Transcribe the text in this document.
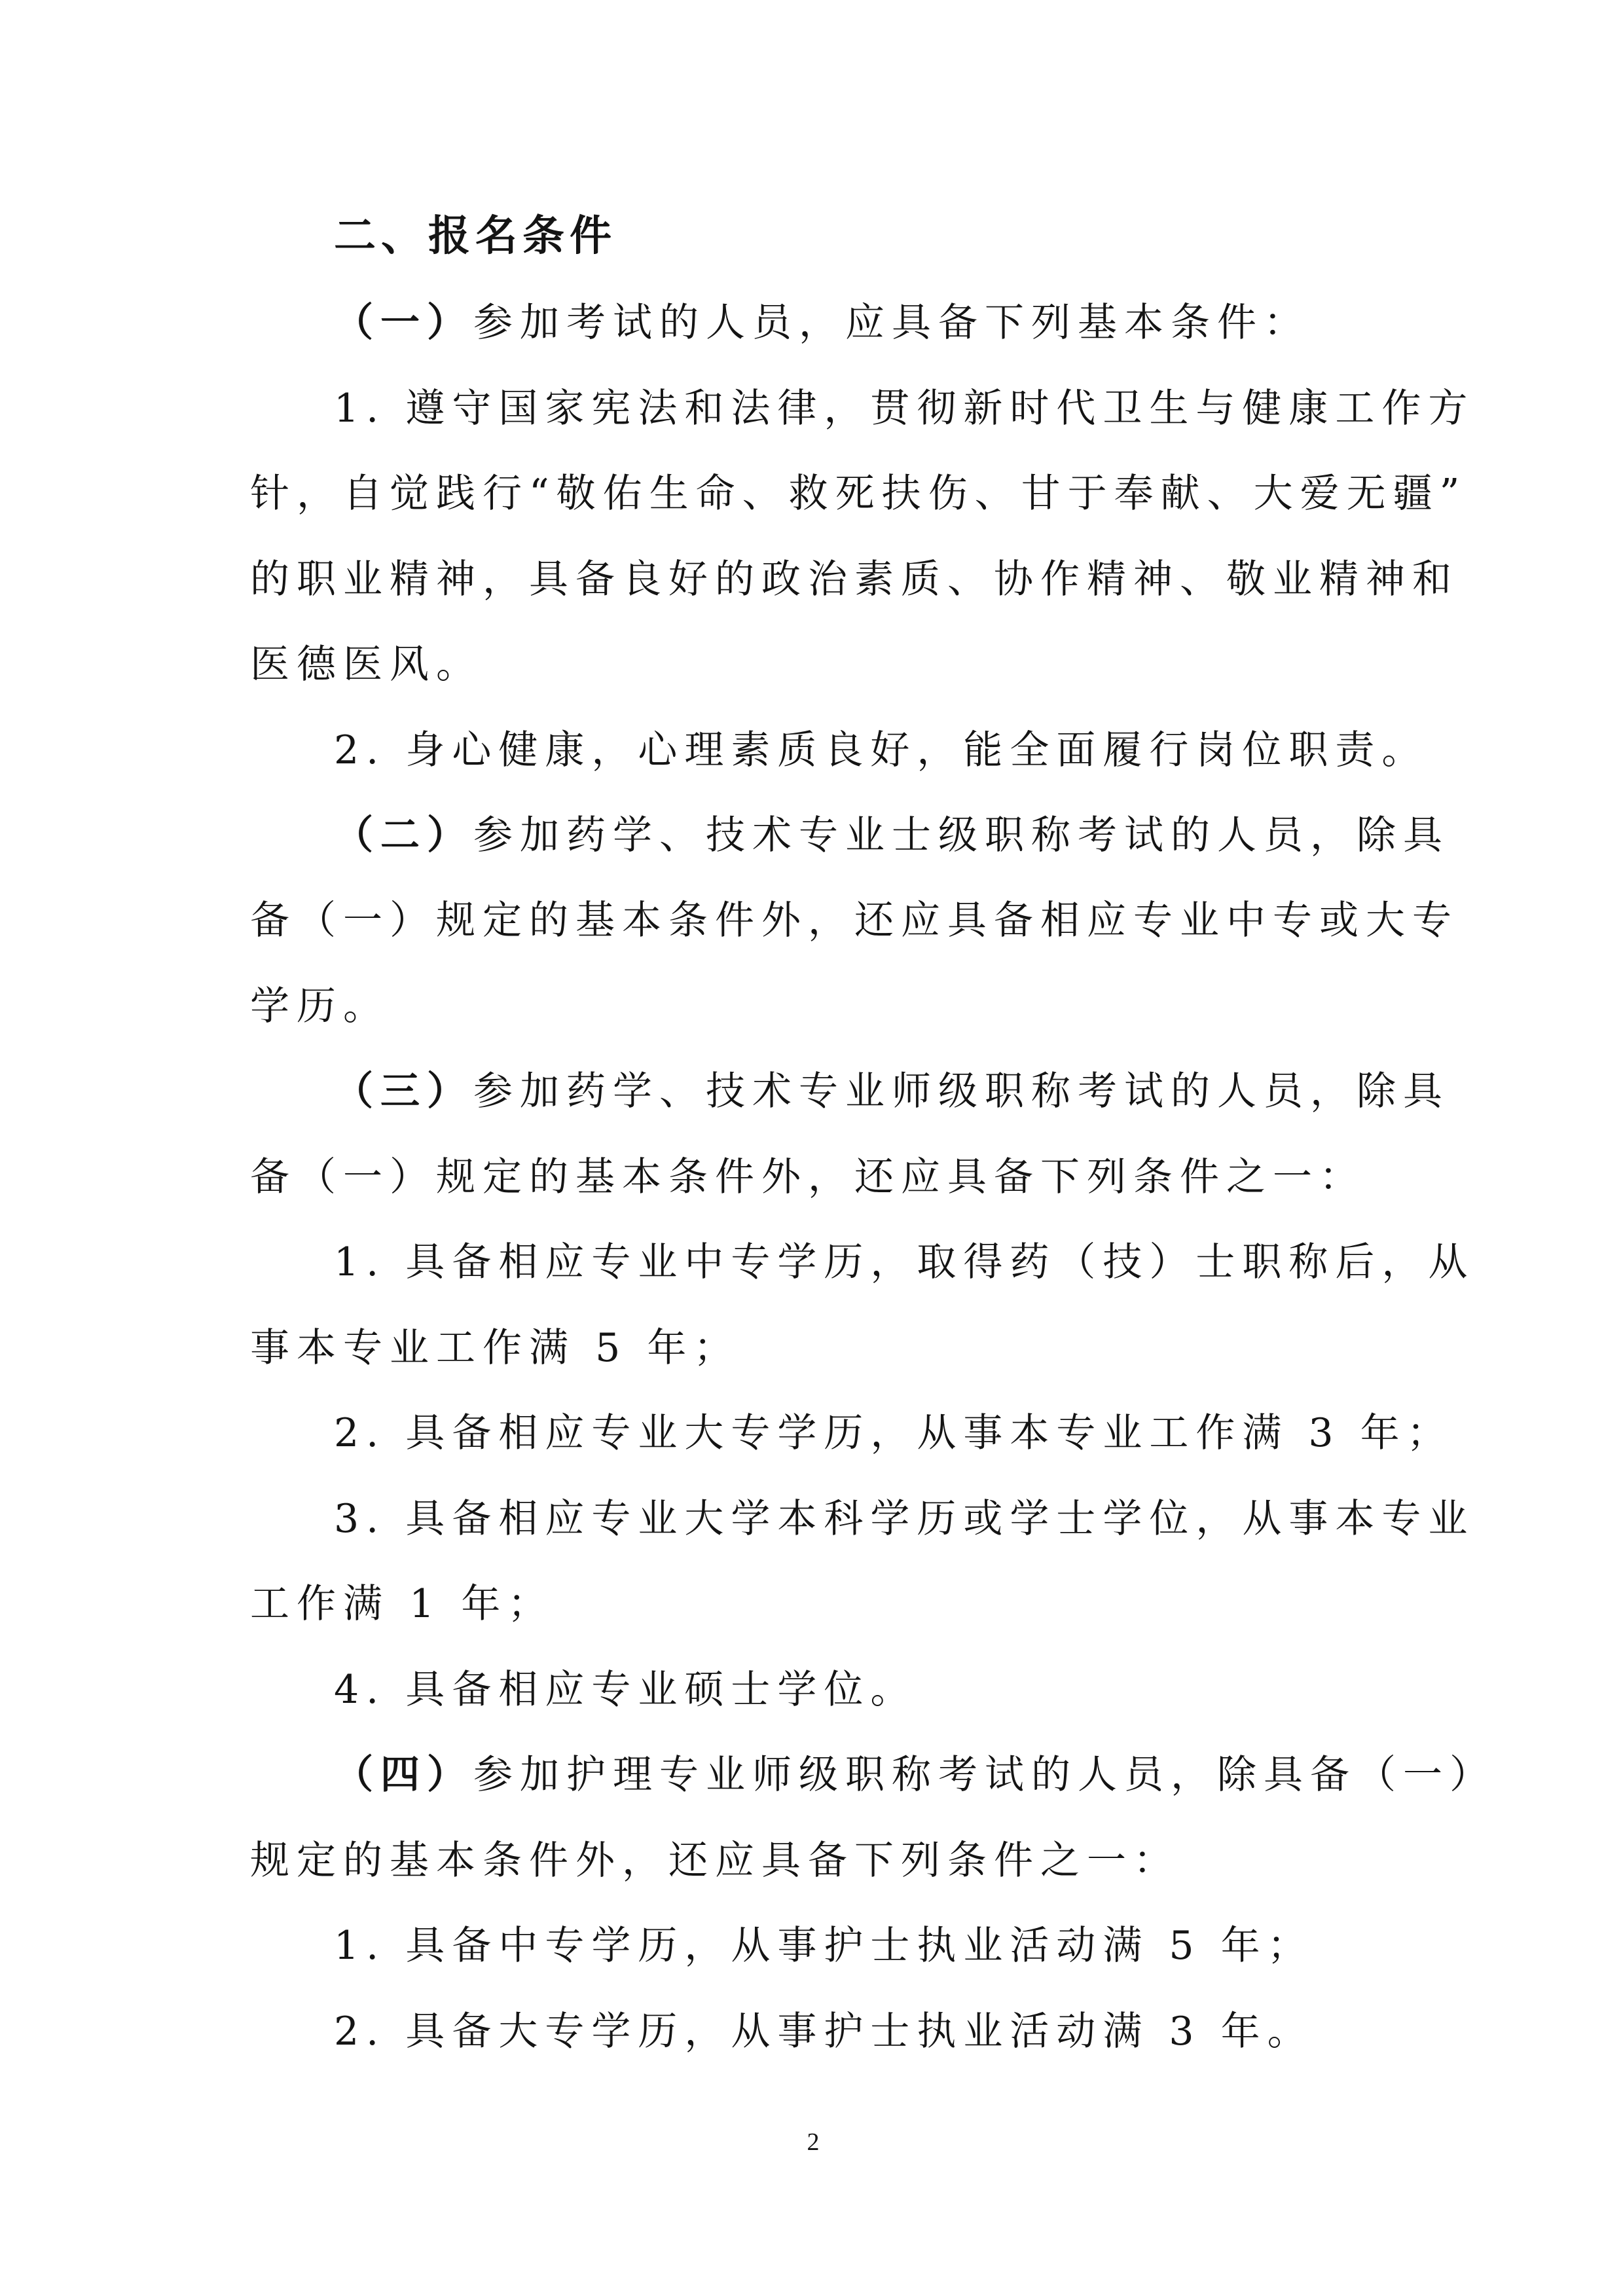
二、报名条件

（一）参加考试的人员，应具备下列基本条件：

1. 遵守国家宪法和法律，贯彻新时代卫生与健康工作方

针，自觉践行“敬佑生命、救死扶伤、甘于奉献、大爱无疆”

的职业精神，具备良好的政治素质、协作精神、敬业精神和

医德医风。

2. 身心健康，心理素质良好，能全面履行岗位职责。

（二）参加药学、技术专业士级职称考试的人员，除具

备（一）规定的基本条件外，还应具备相应专业中专或大专

学历。

（三）参加药学、技术专业师级职称考试的人员，除具

备（一）规定的基本条件外，还应具备下列条件之一：

1. 具备相应专业中专学历，取得药（技）士职称后，从

事本专业工作满 5 年；

2. 具备相应专业大专学历，从事本专业工作满 3 年；

3. 具备相应专业大学本科学历或学士学位，从事本专业

工作满 1 年；

4. 具备相应专业硕士学位。

（四）参加护理专业师级职称考试的人员，除具备（一）

规定的基本条件外，还应具备下列条件之一：

1. 具备中专学历，从事护士执业活动满 5 年；

2. 具备大专学历，从事护士执业活动满 3 年。

2
